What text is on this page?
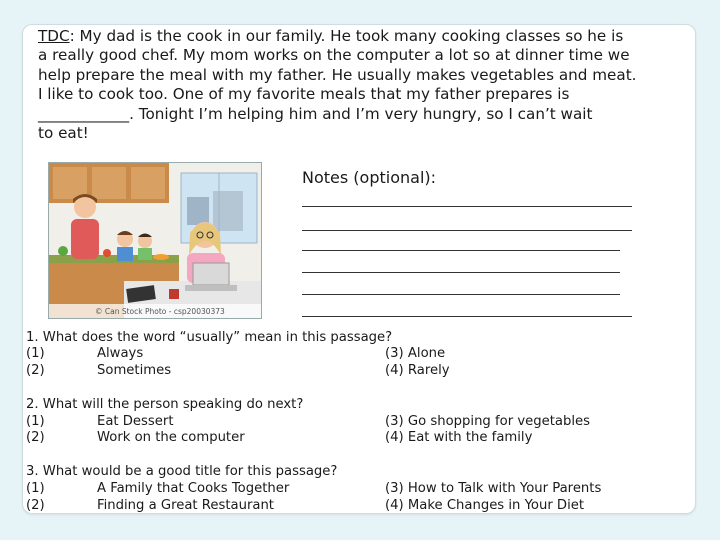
TDC: My dad is the cook in our family. He took many cooking classes so he is
a really good chef. My mom works on the computer a lot so at dinner time we
help prepare the meal with my father. He usually makes vegetables and meat.
I like to cook too. One of my favorite meals that my father prepares is
____________. Tonight I’m helping him and I’m very hungry, so I can’t wait
to eat!
© Can Stock Photo - csp20030373
Notes (optional):
1. What does the word “usually” mean in this passage?
(1)	Always	(3) Alone
(2)	Sometimes	(4) Rarely
2. What will the person speaking do next?
(1)	Eat Dessert	(3) Go shopping for vegetables
(2)	Work on the computer	(4) Eat with the family
3. What would be a good title for this passage?
(1)	A Family that Cooks Together	(3) How to Talk with Your Parents
(2)	Finding a Great Restaurant	(4) Make Changes in Your Diet
